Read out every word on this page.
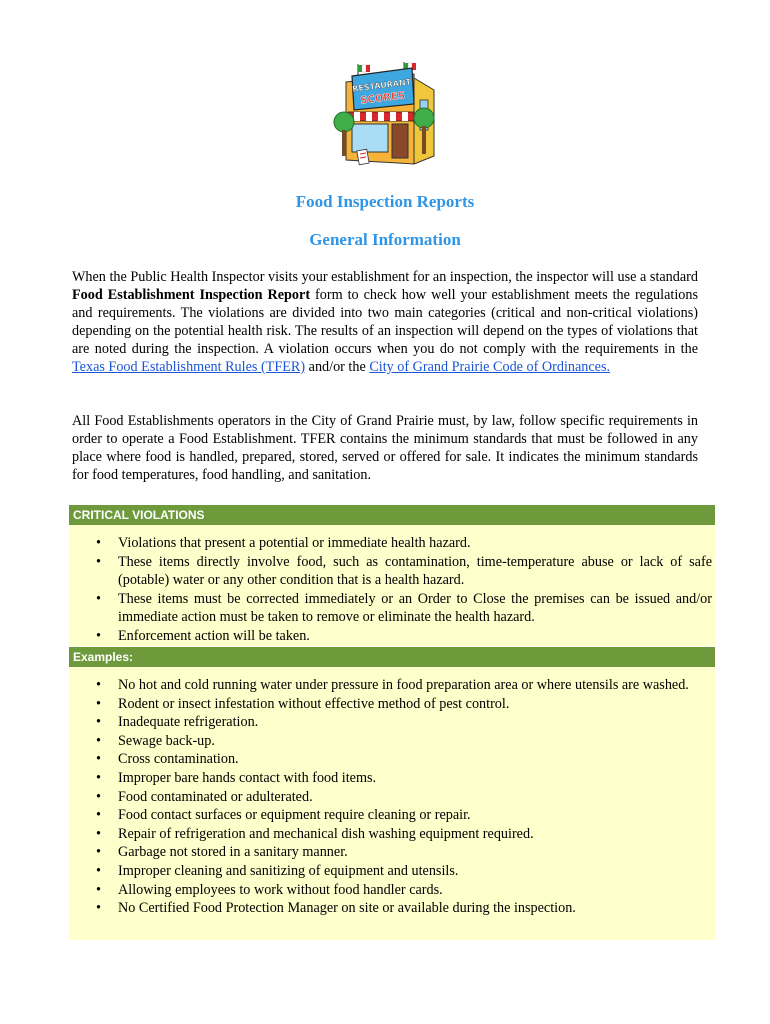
RESTAURANT
SCORES
Food Inspection Reports
General Information
When the Public Health Inspector visits your establishment for an inspection, the inspector will use a standard Food Establishment Inspection Report form to check how well your establishment meets the regulations and requirements. The violations are divided into two main categories (critical and non-critical violations) depending on the potential health risk. The results of an inspection will depend on the types of violations that are noted during the inspection. A violation occurs when you do not comply with the requirements in the Texas Food Establishment Rules (TFER) and/or the City of Grand Prairie Code of Ordinances.
All Food Establishments operators in the City of Grand Prairie must, by law, follow specific requirements in order to operate a Food Establishment. TFER contains the minimum standards that must be followed in any place where food is handled, prepared, stored, served or offered for sale. It indicates the minimum standards for food temperatures, food handling, and sanitation.
CRITICAL VIOLATIONS
• Violations that present a potential or immediate health hazard.
• These items directly involve food, such as contamination, time-temperature abuse or lack of safe (potable) water or any other condition that is a health hazard.
• These items must be corrected immediately or an Order to Close the premises can be issued and/or immediate action must be taken to remove or eliminate the health hazard.
• Enforcement action will be taken.
Examples:
• No hot and cold running water under pressure in food preparation area or where utensils are washed.
• Rodent or insect infestation without effective method of pest control.
• Inadequate refrigeration.
• Sewage back-up.
• Cross contamination.
• Improper bare hands contact with food items.
• Food contaminated or adulterated.
• Food contact surfaces or equipment require cleaning or repair.
• Repair of refrigeration and mechanical dish washing equipment required.
• Garbage not stored in a sanitary manner.
• Improper cleaning and sanitizing of equipment and utensils.
• Allowing employees to work without food handler cards.
• No Certified Food Protection Manager on site or available during the inspection.
